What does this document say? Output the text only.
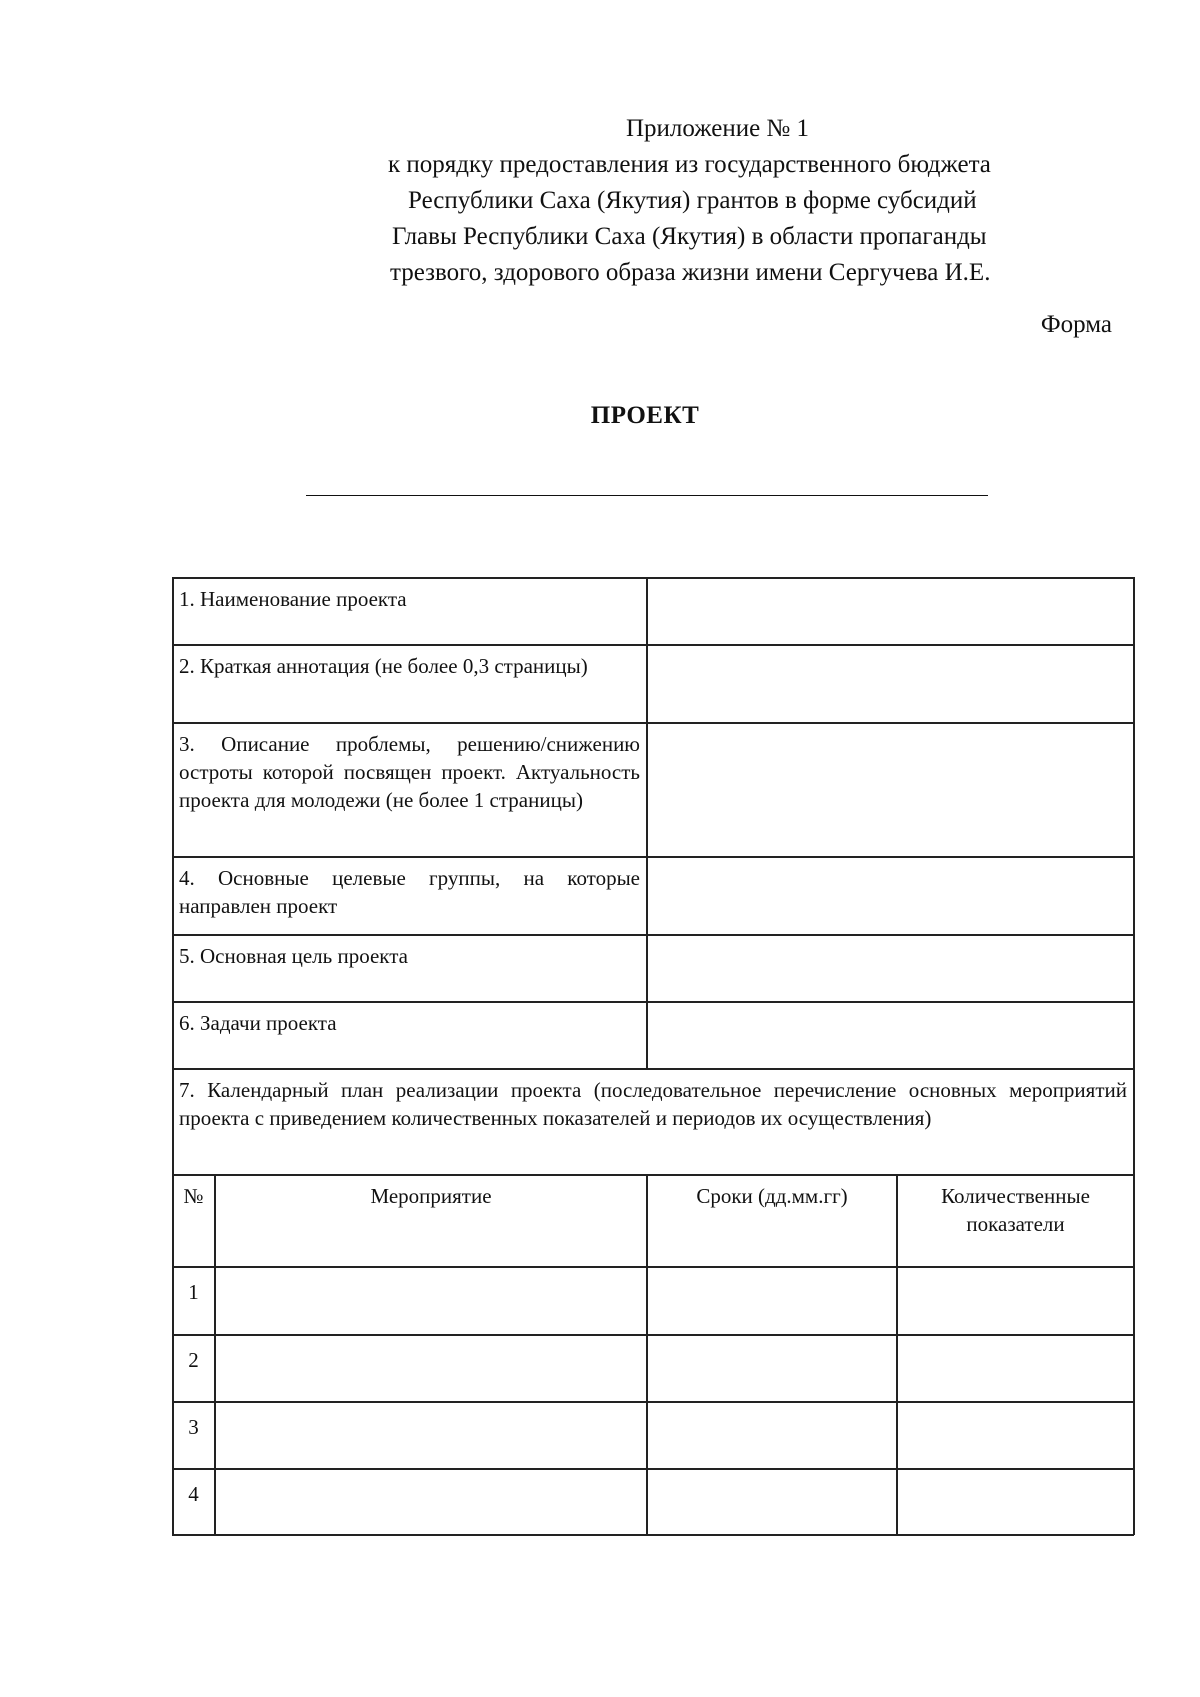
Приложение № 1
к порядку предоставления из государственного бюджета
Республики Саха (Якутия) грантов в форме субсидий
Главы Республики Саха (Якутия) в области пропаганды
трезвого, здорового образа жизни имени Сергучева И.Е.
Форма
ПРОЕКТ
1. Наименование проекта
2. Краткая аннотация (не более 0,3 страницы)
3. Описание проблемы, решению/снижению остроты которой посвящен проект. Актуальность проекта для молодежи (не более 1 страницы)
4. Основные целевые группы, на которые направлен проект
5. Основная цель проекта
6. Задачи проекта
7. Календарный план реализации проекта (последовательное перечисление основных мероприятий проекта с приведением количественных показателей и периодов их осуществления)
№	Мероприятие	Сроки (дд.мм.гг)	Количественные показатели
1
2
3
4
